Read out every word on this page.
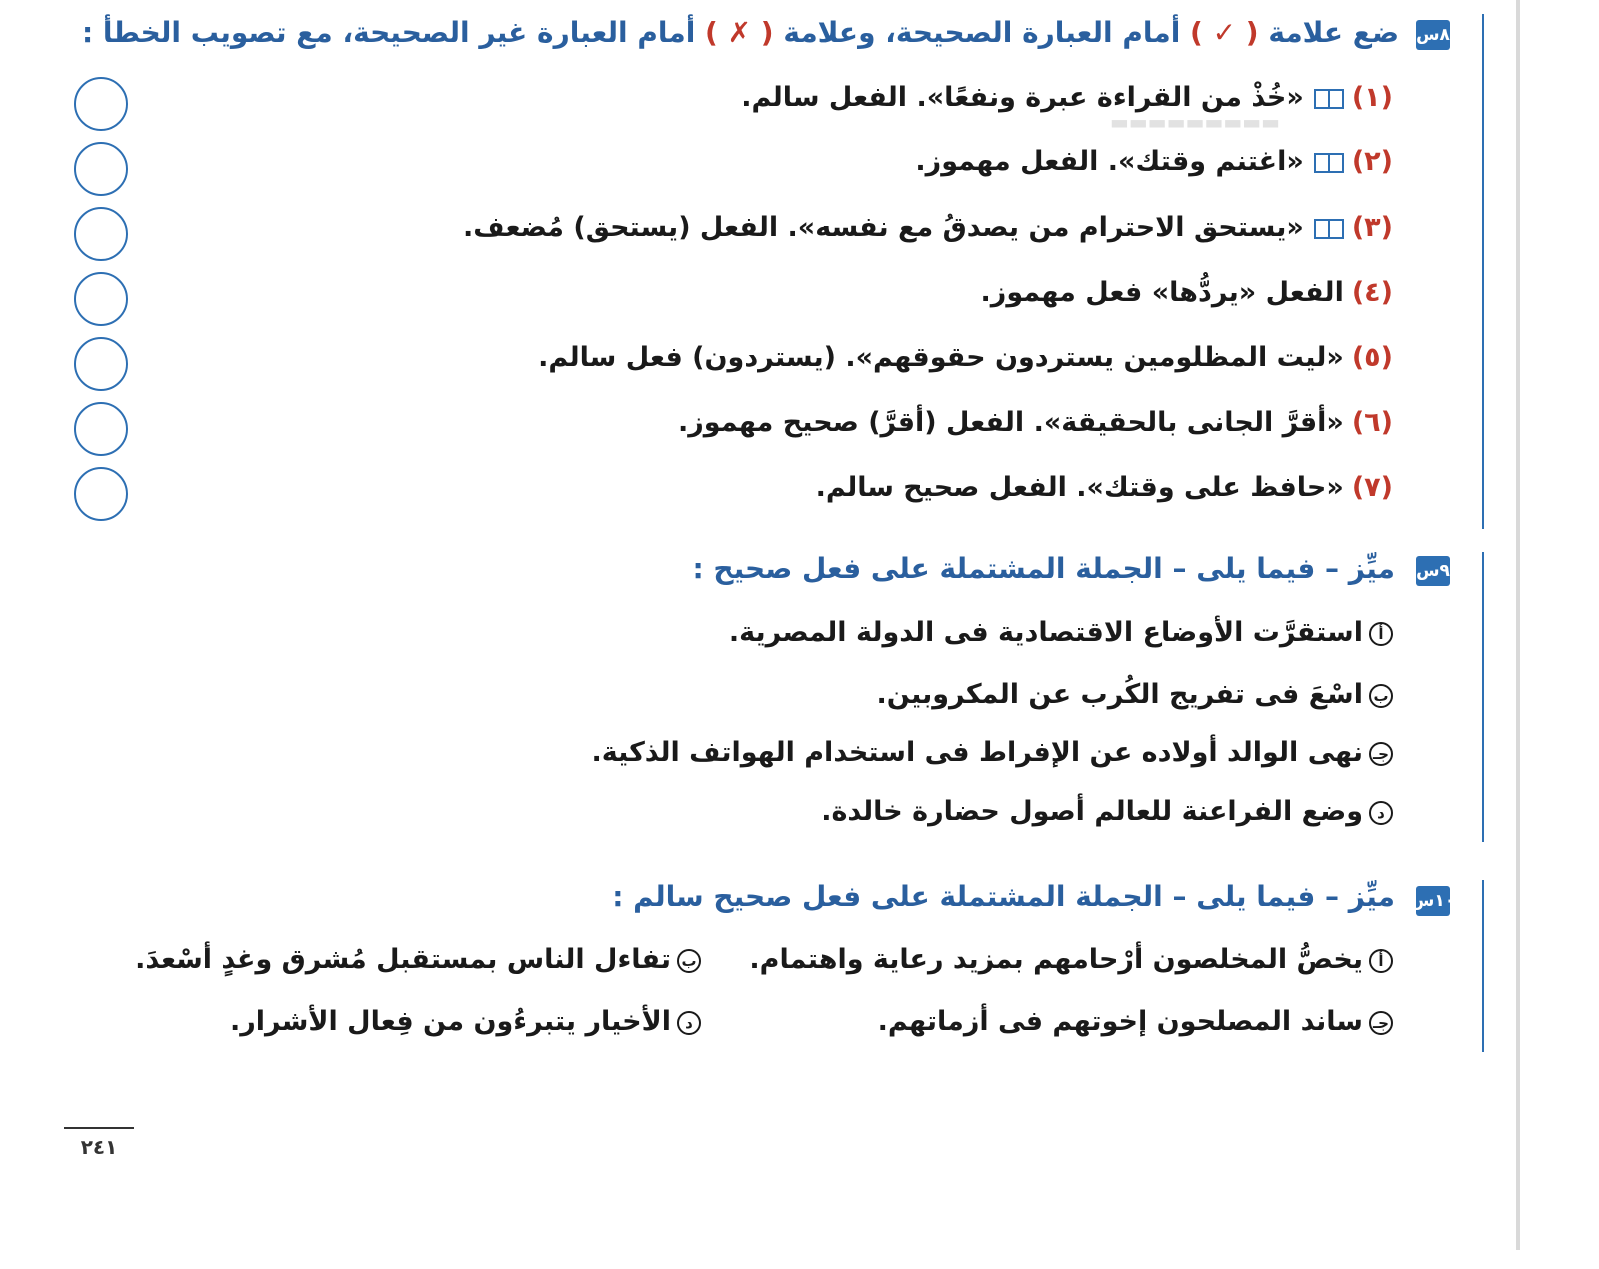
▬▬▬▬▬▬▬▬▬
٨س
ضع علامة ( ✓ ) أمام العبارة الصحيحة، وعلامة ( ✗ ) أمام العبارة غير الصحيحة، مع تصويب الخطأ :
(١)«خُذْ من القراءة عبرة ونفعًا». الفعل سالم.
(٢)«اغتنم وقتك». الفعل مهموز.
(٣)«يستحق الاحترام من يصدقُ مع نفسه». الفعل (يستحق) مُضعف.
(٤)الفعل «يردُّها» فعل مهموز.
(٥)«ليت المظلومين يستردون حقوقهم». (يستردون) فعل سالم.
(٦)«أقرَّ الجانى بالحقيقة». الفعل (أقرَّ) صحيح مهموز.
(٧)«حافظ على وقتك». الفعل صحيح سالم.
٩س
ميِّز – فيما يلى – الجملة المشتملة على فعل صحيح :
أاستقرَّت الأوضاع الاقتصادية فى الدولة المصرية.
باسْعَ فى تفريج الكُرب عن المكروبين.
جـنهى الوالد أولاده عن الإفراط فى استخدام الهواتف الذكية.
دوضع الفراعنة للعالم أصول حضارة خالدة.
١٠س
ميِّز – فيما يلى – الجملة المشتملة على فعل صحيح سالم :
أيخصُّ المخلصون أرْحامهم بمزيد رعاية واهتمام.
بتفاءل الناس بمستقبل مُشرق وغدٍ أسْعدَ.
جـساند المصلحون إخوتهم فى أزماتهم.
دالأخيار يتبرءُون من فِعال الأشرار.
٢٤١
